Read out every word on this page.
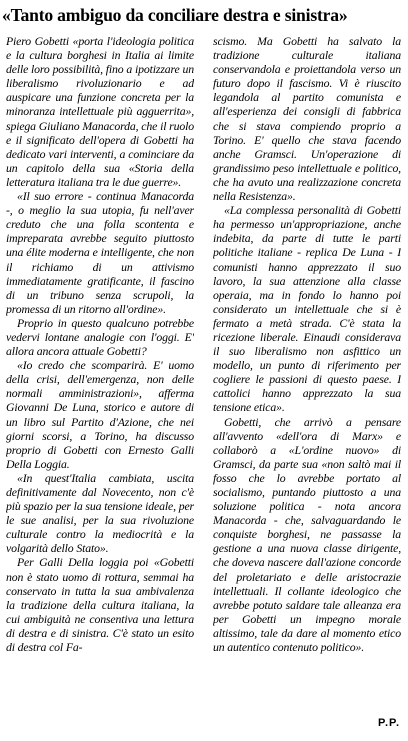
«Tanto ambiguo da conciliare destra e sinistra»

Piero Gobetti «porta l'ideologia politica e la cultura borghesi in Italia ai limite delle loro possibilità, fino a ipotizzare un liberalismo rivoluzionario e ad auspicare una funzione concreta per la minoranza intellettuale più agguerrita», spiega Giuliano Manacorda, che il ruolo e il significato dell'opera di Gobetti ha dedicato vari interventi, a cominciare da un capitolo della sua «Storia della letteratura italiana tra le due guerre».

«Il suo errore - continua Manacorda -, o meglio la sua utopia, fu nell'aver creduto che una folla scontenta e impreparata avrebbe seguito piuttosto una élite moderna e intelligente, che non il richiamo di un attivismo immediatamente gratificante, il fascino di un tribuno senza scrupoli, la promessa di un ritorno all'ordine».

Proprio in questo qualcuno potrebbe vedervi lontane analogie con l'oggi. E' allora ancora attuale Gobetti?

«Io credo che scomparirà. E' uomo della crisi, dell'emergenza, non delle normali amministrazioni», afferma Giovanni De Luna, storico e autore di un libro sul Partito d'Azione, che nei giorni scorsi, a Torino, ha discusso proprio di Gobetti con Ernesto Galli Della Loggia.

«In quest'Italia cambiata, uscita definitivamente dal Novecento, non c'è più spazio per la sua tensione ideale, per le sue analisi, per la sua rivoluzione culturale contro la mediocrità e la volgarità dello Stato».

Per Galli Della loggia poi «Gobetti non è stato uomo di rottura, semmai ha conservato in tutta la sua ambivalenza la tradizione della cultura italiana, la cui ambiguità ne consentiva una lettura di destra e di sinistra. C'è stato un esito di destra col Fa-

scismo. Ma Gobetti ha salvato la tradizione culturale italiana conservandola e proiettandola verso un futuro dopo il fascismo. Vi è riuscito legandola al partito comunista e all'esperienza dei consigli di fabbrica che si stava compiendo proprio a Torino. E' quello che stava facendo anche Gramsci. Un'operazione di grandissimo peso intellettuale e politico, che ha avuto una realizzazione concreta nella Resistenza».

«La complessa personalità di Gobetti ha permesso un'appropriazione, anche indebita, da parte di tutte le parti politiche italiane - replica De Luna - I comunisti hanno apprezzato il suo lavoro, la sua attenzione alla classe operaia, ma in fondo lo hanno poi considerato un intellettuale che si è fermato a metà strada. C'è stata la ricezione liberale. Einaudi considerava il suo liberalismo non asfittico un modello, un punto di riferimento per cogliere le passioni di questo paese. I cattolici hanno apprezzato la sua tensione etica».

Gobetti, che arrivò a pensare all'avvento «dell'ora di Marx» e collaborò a «L'ordine nuovo» di Gramsci, da parte sua «non saltò mai il fosso che lo avrebbe portato al socialismo, puntando piuttosto a una soluzione politica - nota ancora Manacorda - che, salvaguardando le conquiste borghesi, ne passasse la gestione a una nuova classe dirigente, che doveva nascere dall'azione concorde del proletariato e delle aristocrazie intellettuali. Il collante ideologico che avrebbe potuto saldare tale alleanza era per Gobetti un impegno morale altissimo, tale da dare al momento etico un autentico contenuto politico».

P.P.
